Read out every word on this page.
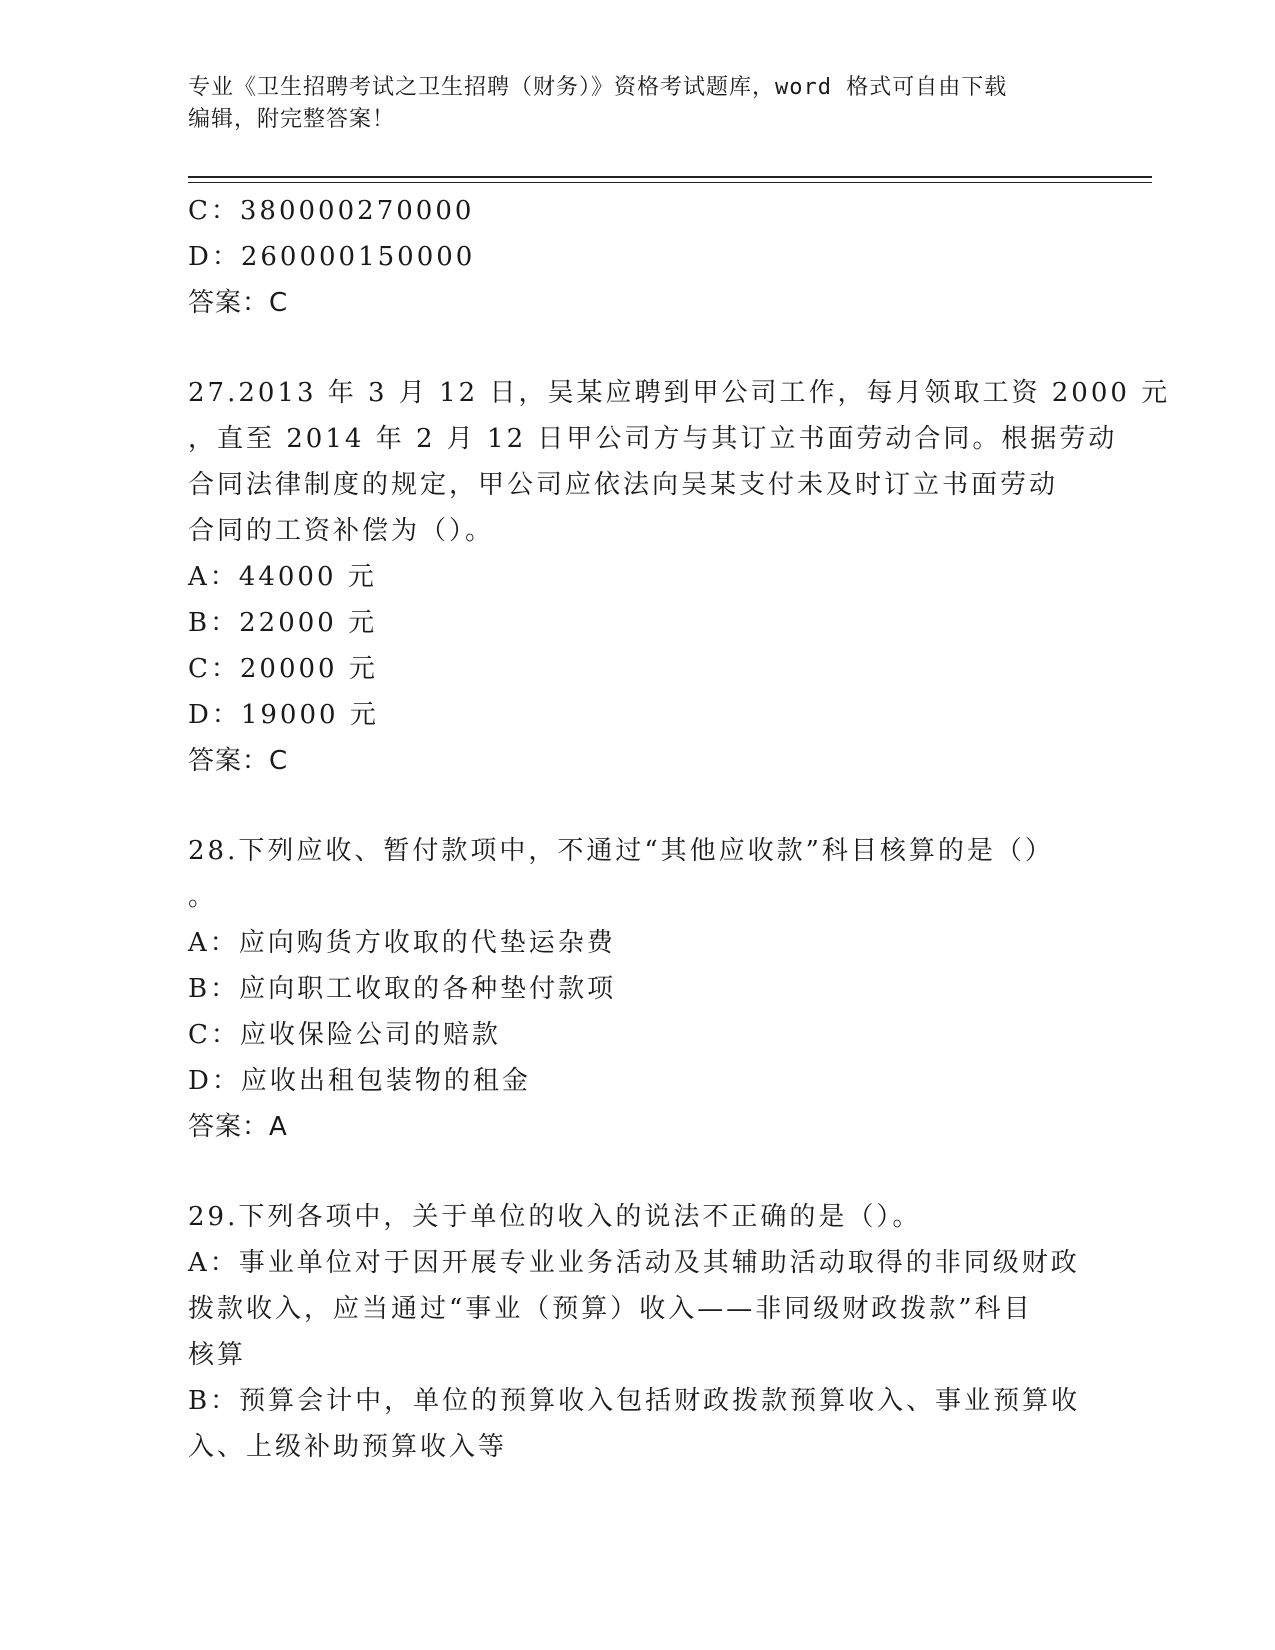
专业《卫生招聘考试之卫生招聘（财务）》资格考试题库，word 格式可自由下载
编辑，附完整答案！
C：380000270000
D：260000150000
答案：C
27.2013 年 3 月 12 日，吴某应聘到甲公司工作，每月领取工资 2000 元
，直至 2014 年 2 月 12 日甲公司方与其订立书面劳动合同。根据劳动
合同法律制度的规定，甲公司应依法向吴某支付未及时订立书面劳动
合同的工资补偿为（）。
A：44000 元
B：22000 元
C：20000 元
D：19000 元
答案：C
28.下列应收、暂付款项中，不通过“其他应收款”科目核算的是（）
。
A：应向购货方收取的代垫运杂费
B：应向职工收取的各种垫付款项
C：应收保险公司的赔款
D：应收出租包装物的租金
答案：A
29.下列各项中，关于单位的收入的说法不正确的是（）。
A：事业单位对于因开展专业业务活动及其辅助活动取得的非同级财政
拨款收入，应当通过“事业（预算）收入——非同级财政拨款”科目
核算
B：预算会计中，单位的预算收入包括财政拨款预算收入、事业预算收
入、上级补助预算收入等
